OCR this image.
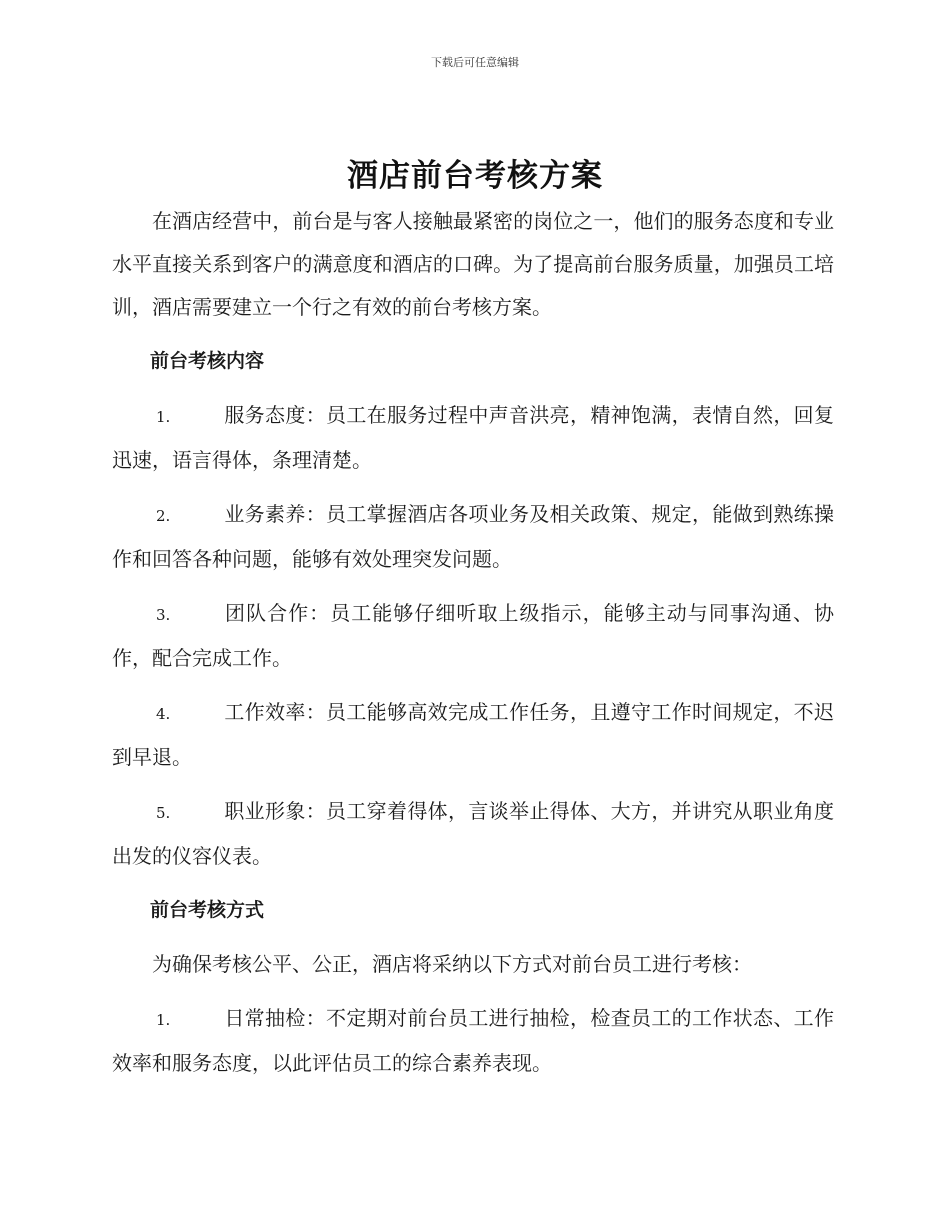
下载后可任意编辑
酒店前台考核方案

在酒店经营中，前台是与客人接触最紧密的岗位之一，他们的服务态度和专业水平直接关系到客户的满意度和酒店的口碑。为了提高前台服务质量，加强员工培训，酒店需要建立一个行之有效的前台考核方案。

前台考核内容

1.	服务态度：员工在服务过程中声音洪亮，精神饱满，表情自然，回复迅速，语言得体，条理清楚。

2.	业务素养：员工掌握酒店各项业务及相关政策、规定，能做到熟练操作和回答各种问题，能够有效处理突发问题。

3.	团队合作：员工能够仔细听取上级指示，能够主动与同事沟通、协作，配合完成工作。

4.	工作效率：员工能够高效完成工作任务，且遵守工作时间规定，不迟到早退。

5.	职业形象：员工穿着得体，言谈举止得体、大方，并讲究从职业角度出发的仪容仪表。

前台考核方式

为确保考核公平、公正，酒店将采纳以下方式对前台员工进行考核：

1.	日常抽检：不定期对前台员工进行抽检，检查员工的工作状态、工作效率和服务态度，以此评估员工的综合素养表现。
